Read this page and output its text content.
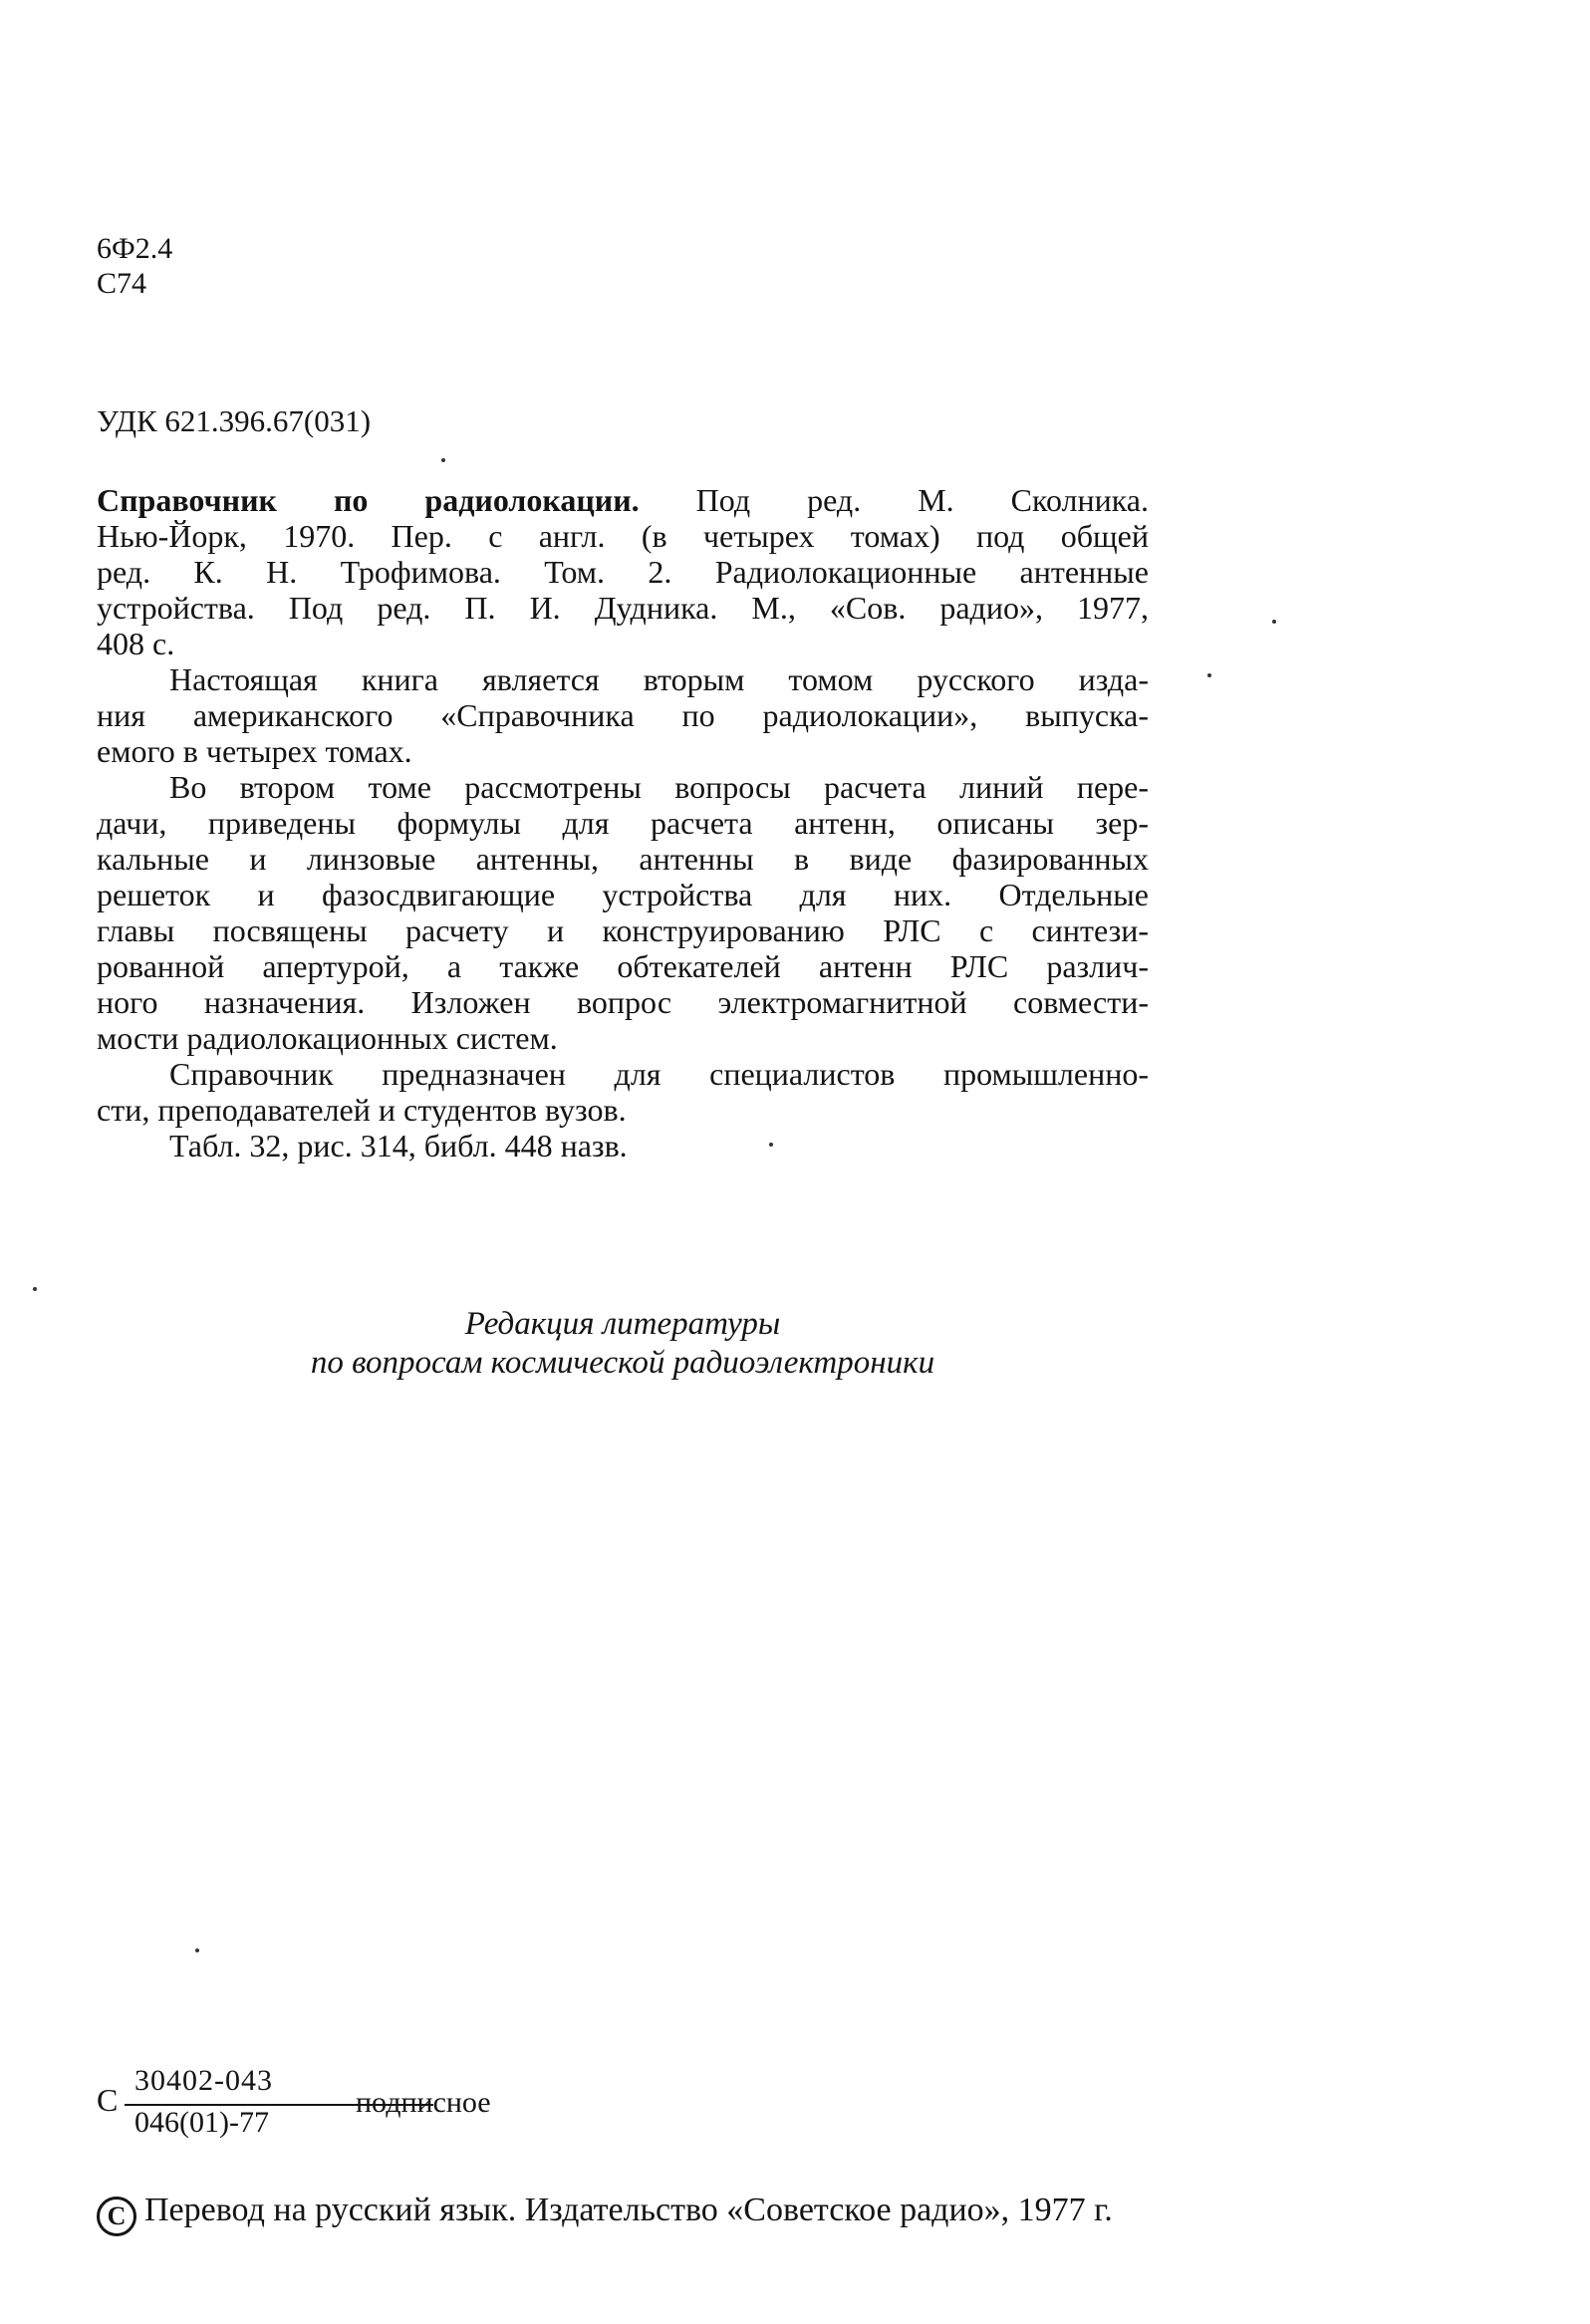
6Ф2.4
С74
УДК 621.396.67(031)
Справочник по радиолокации. Под ред. М. Сколника.
Нью-Йорк, 1970. Пер. с англ. (в четырех томах) под общей
ред. К. Н. Трофимова. Том. 2. Радиолокационные антенные
устройства. Под ред. П. И. Дудника. М., «Сов. радио», 1977,
408 с.
Настоящая книга является вторым томом русского изда-
ния американского «Справочника по радиолокации», выпуска-
емого в четырех томах.
Во втором томе рассмотрены вопросы расчета линий пере-
дачи, приведены формулы для расчета антенн, описаны зер-
кальные и линзовые антенны, антенны в виде фазированных
решеток и фазосдвигающие устройства для них. Отдельные
главы посвящены расчету и конструированию РЛС с синтези-
рованной апертурой, а также обтекателей антенн РЛС различ-
ного назначения. Изложен вопрос электромагнитной совмести-
мости радиолокационных систем.
Справочник предназначен для специалистов промышленно-
сти, преподавателей и студентов вузов.
Табл. 32, рис. 314, библ. 448 назв.
Редакция литературы
по вопросам космической радиоэлектроники
С
30402-043
046(01)-77
подписное
C Перевод на русский язык. Издательство «Советское радио», 1977 г.
